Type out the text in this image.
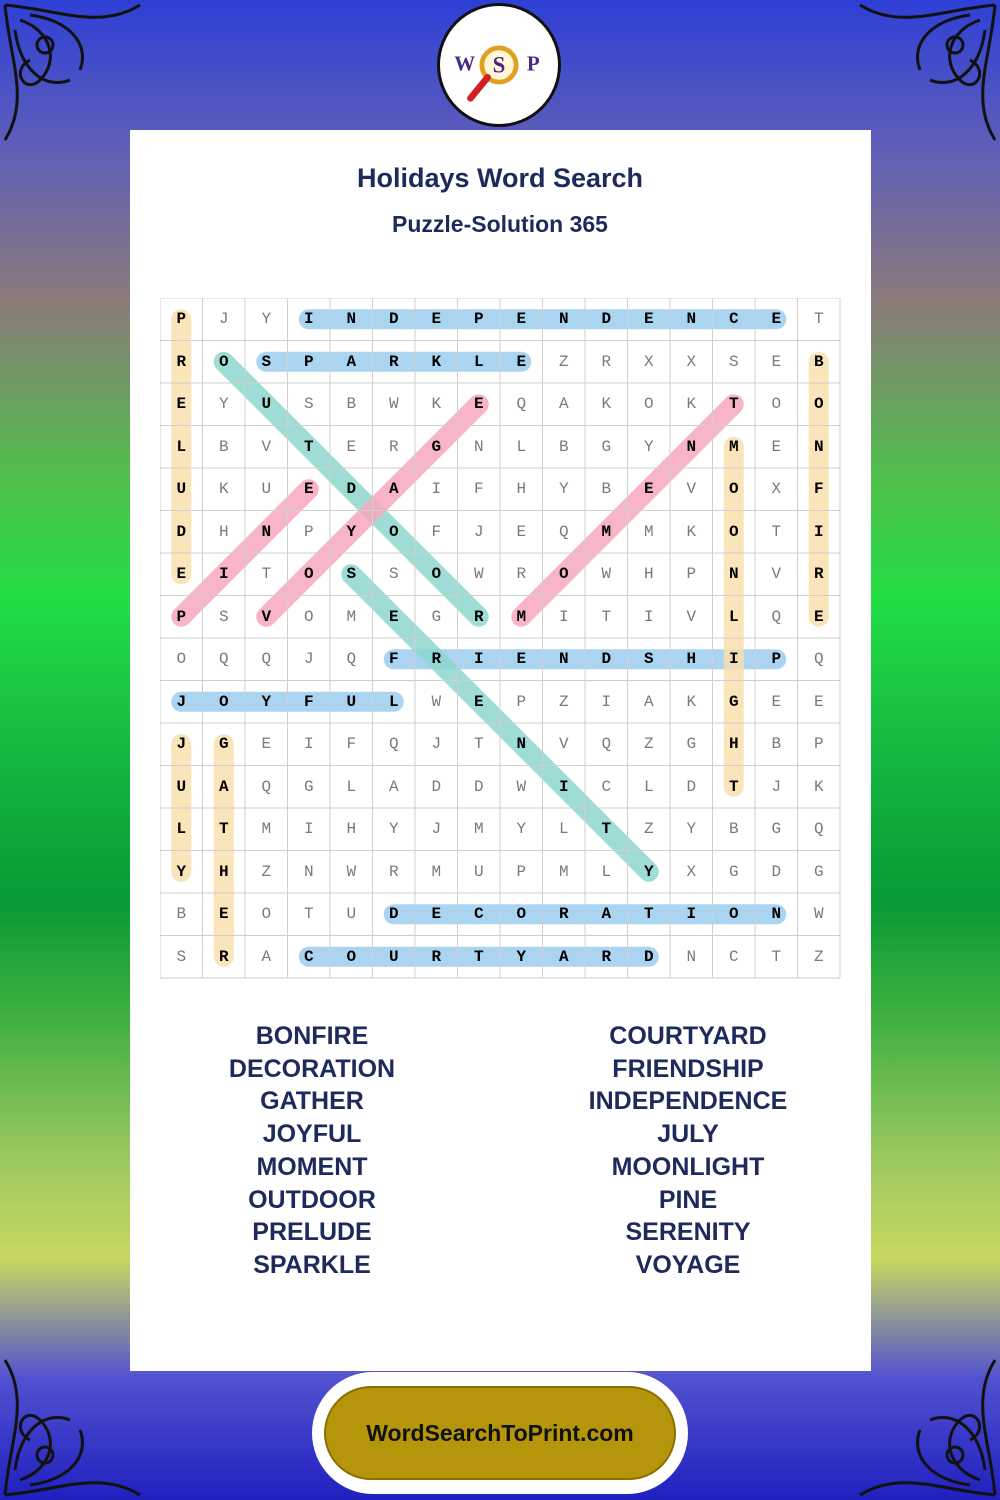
W S P
Holidays Word Search
Puzzle-Solution 365
P	J	Y	I	N	D	E	P	E	N	D	E	N	C	E	T
R	O	S	P	A	R	K	L	E	Z	R	X	X	S	E	B
E	Y	U	S	B	W	K	E	Q	A	K	O	K	T	O	O
L	B	V	T	E	R	G	N	L	B	G	Y	N	M	E	N
U	K	U	E	D	A	I	F	H	Y	B	E	V	O	X	F
D	H	N	P	Y	O	F	J	E	Q	M	M	K	O	T	I
E	I	T	O	S	S	O	W	R	O	W	H	P	N	V	R
P	S	V	O	M	E	G	R	M	I	T	I	V	L	Q	E
O	Q	Q	J	Q	F	R	I	E	N	D	S	H	I	P	Q
J	O	Y	F	U	L	W	E	P	Z	I	A	K	G	E	E
J	G	E	I	F	Q	J	T	N	V	Q	Z	G	H	B	P
U	A	Q	G	L	A	D	D	W	I	C	L	D	T	J	K
L	T	M	I	H	Y	J	M	Y	L	T	Z	Y	B	G	Q
Y	H	Z	N	W	R	M	U	P	M	L	Y	X	G	D	G
B	E	O	T	U	D	E	C	O	R	A	T	I	O	N	W
S	R	A	C	O	U	R	T	Y	A	R	D	N	C	T	Z
BONFIRE
DECORATION
GATHER
JOYFUL
MOMENT
OUTDOOR
PRELUDE
SPARKLE
COURTYARD
FRIENDSHIP
INDEPENDENCE
JULY
MOONLIGHT
PINE
SERENITY
VOYAGE
WordSearchToPrint.com
